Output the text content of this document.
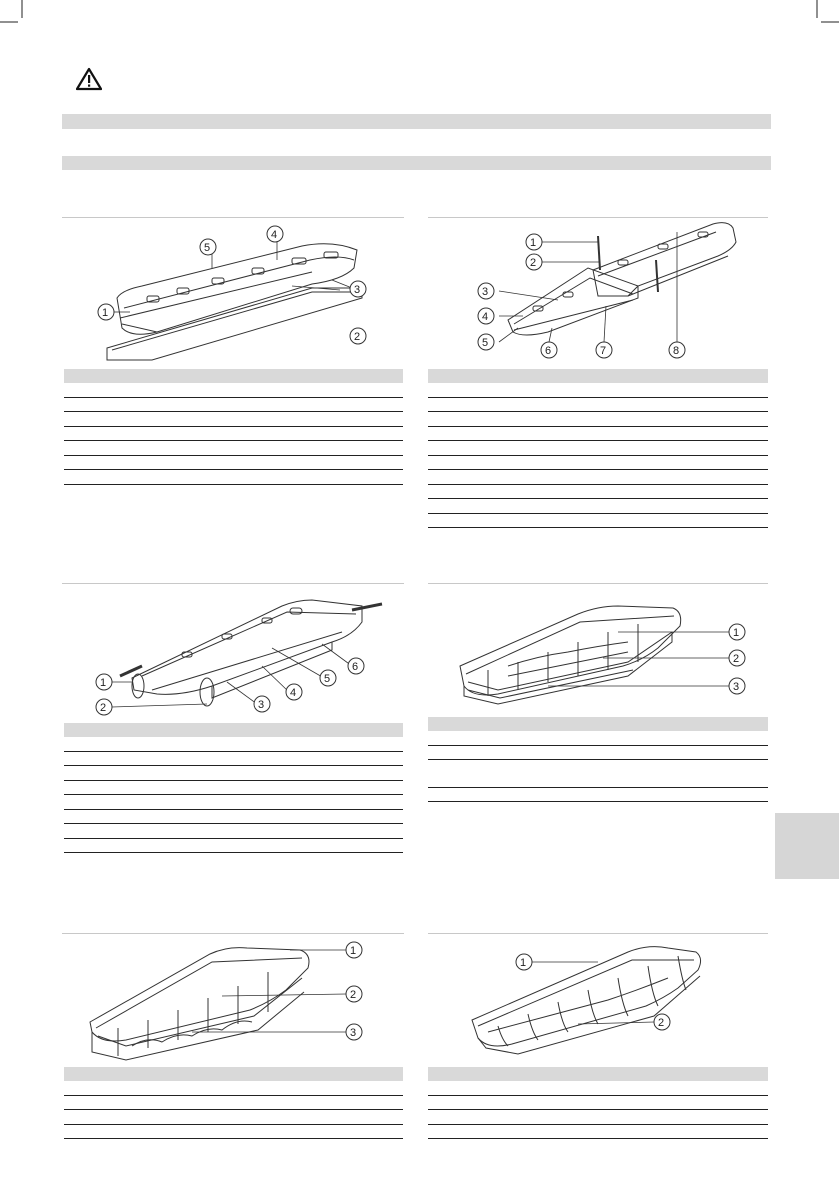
1
2
3
4
5	1
2
3
4
5
6	7	8
1
2	3
4
5
6
1
2
3
1
2
3
1
2
